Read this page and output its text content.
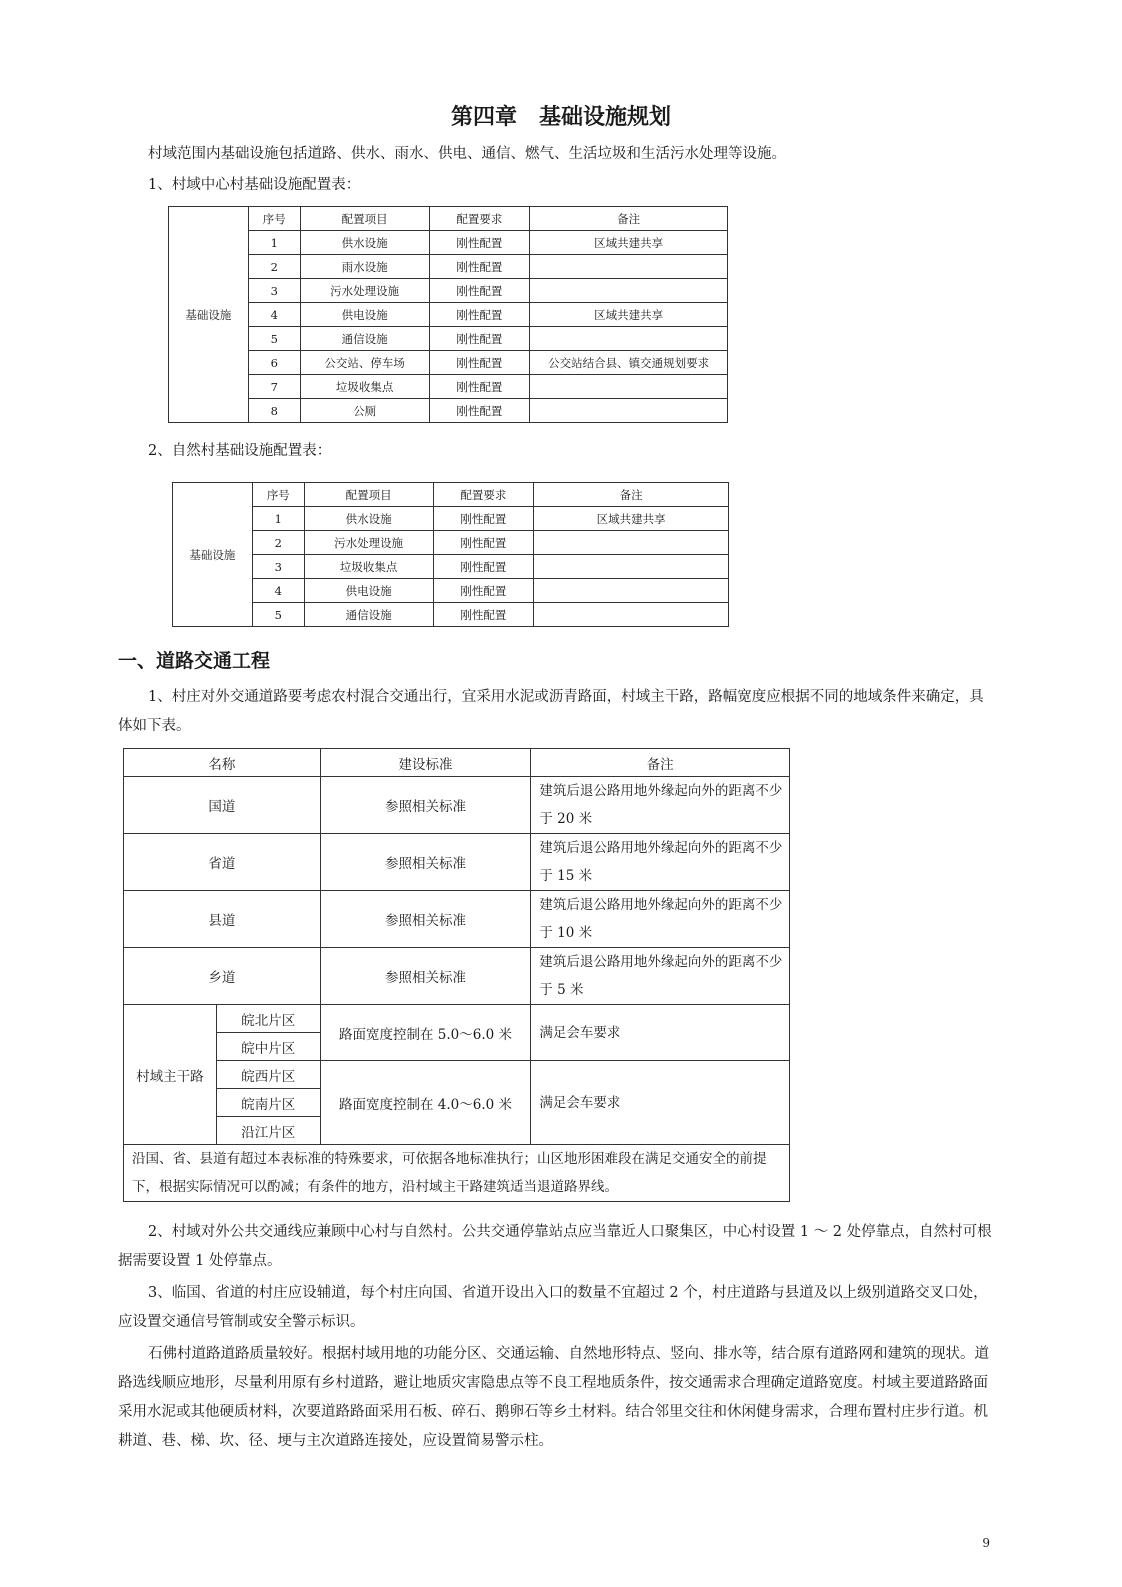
第四章　基础设施规划
村域范围内基础设施包括道路、供水、雨水、供电、通信、燃气、生活垃圾和生活污水处理等设施。
1、村域中心村基础设施配置表：
基础设施	序号	配置项目	配置要求	备注
	1	供水设施	刚性配置	区域共建共享
	2	雨水设施	刚性配置	
	3	污水处理设施	刚性配置	
	4	供电设施	刚性配置	区域共建共享
	5	通信设施	刚性配置	
	6	公交站、停车场	刚性配置	公交站结合县、镇交通规划要求
	7	垃圾收集点	刚性配置	
	8	公厕	刚性配置	
2、自然村基础设施配置表：
基础设施	序号	配置项目	配置要求	备注
	1	供水设施	刚性配置	区域共建共享
	2	污水处理设施	刚性配置	
	3	垃圾收集点	刚性配置	
	4	供电设施	刚性配置	
	5	通信设施	刚性配置	
一、道路交通工程
1、村庄对外交通道路要考虑农村混合交通出行，宜采用水泥或沥青路面，村域主干路，路幅宽度应根据不同的地域条件来确定，具体如下表。
名称		建设标准	备注
国道		参照相关标准	建筑后退公路用地外缘起向外的距离不少于 20 米
省道		参照相关标准	建筑后退公路用地外缘起向外的距离不少于 15 米
县道		参照相关标准	建筑后退公路用地外缘起向外的距离不少于 10 米
乡道		参照相关标准	建筑后退公路用地外缘起向外的距离不少于 5 米
村域主干路	皖北片区	路面宽度控制在 5.0～6.0 米	满足会车要求
	皖中片区		
	皖西片区	路面宽度控制在 4.0～6.0 米	满足会车要求
	皖南片区		
	沿江片区		
沿国、省、县道有超过本表标准的特殊要求，可依据各地标准执行；山区地形困难段在满足交通安全的前提下，根据实际情况可以酌减；有条件的地方，沿村域主干路建筑适当退道路界线。			
2、村域对外公共交通线应兼顾中心村与自然村。公共交通停靠站点应当靠近人口聚集区，中心村设置 1 ～ 2 处停靠点，自然村可根据需要设置 1 处停靠点。
3、临国、省道的村庄应设辅道，每个村庄向国、省道开设出入口的数量不宜超过 2 个，村庄道路与县道及以上级别道路交叉口处， 应设置交通信号管制或安全警示标识。
石佛村道路道路质量较好。根据村域用地的功能分区、交通运输、自然地形特点、竖向、排水等，结合原有道路网和建筑的现状。道路选线顺应地形，尽量利用原有乡村道路，避让地质灾害隐患点等不良工程地质条件，按交通需求合理确定道路宽度。村域主要道路路面采用水泥或其他硬质材料，次要道路路面采用石板、碎石、鹅卵石等乡土材料。结合邻里交往和休闲健身需求，合理布置村庄步行道。机耕道、巷、梯、坎、径、埂与主次道路连接处，应设置简易警示柱。
9
